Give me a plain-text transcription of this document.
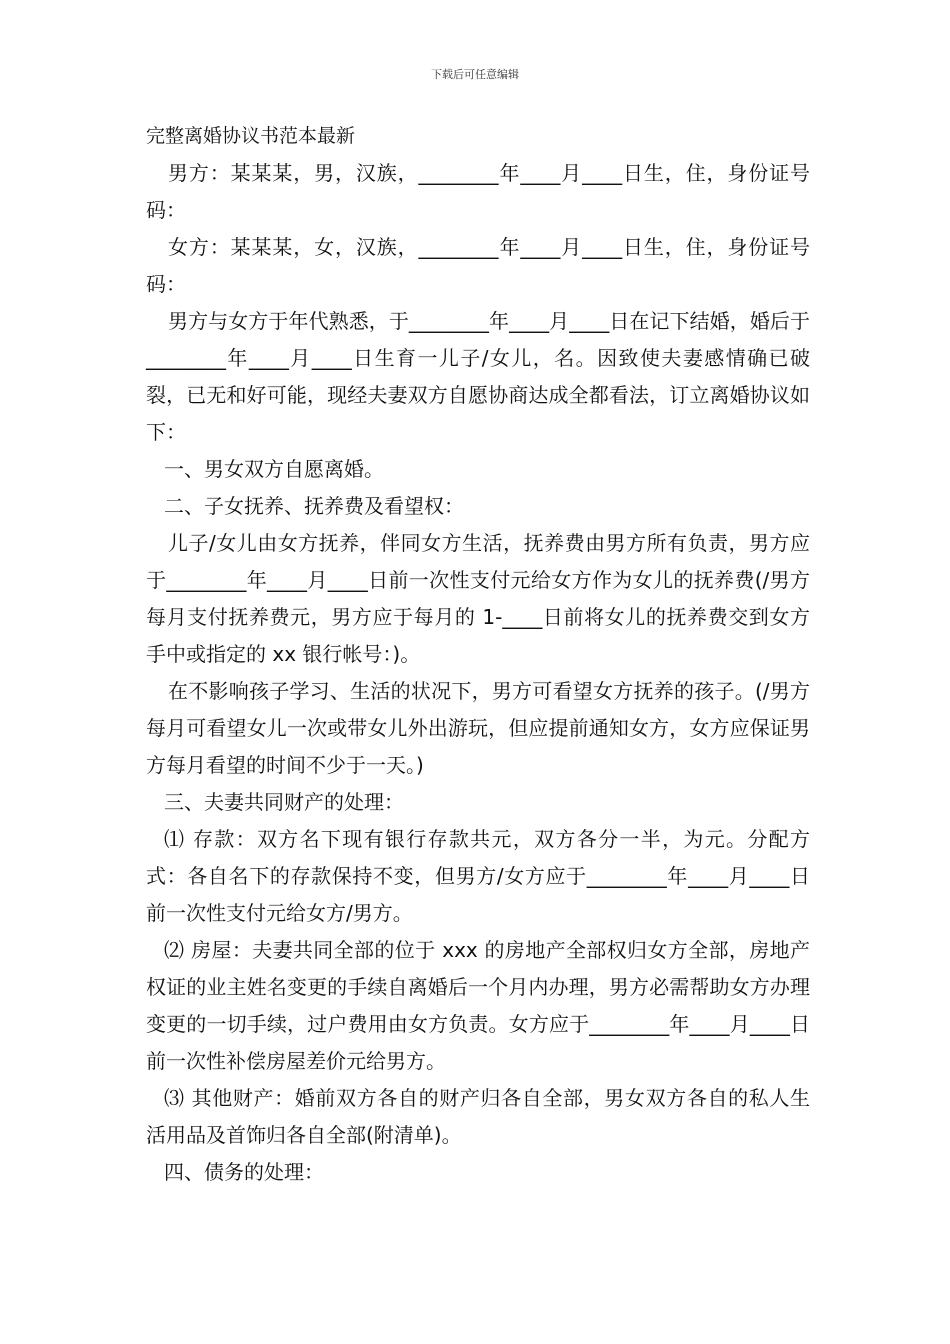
下载后可任意编辑

完整离婚协议书范本最新

男方：某某某，男，汉族，________年____月____日生，住，身份证号码：

女方：某某某，女，汉族，________年____月____日生，住，身份证号码：

男方与女方于年代熟悉，于________年____月____日在记下结婚，婚后于________年____月____日生育一儿子/女儿，名。因致使夫妻感情确已破裂，已无和好可能，现经夫妻双方自愿协商达成全都看法，订立离婚协议如下：

一、男女双方自愿离婚。

二、子女抚养、抚养费及看望权：

儿子/女儿由女方抚养，伴同女方生活，抚养费由男方所有负责，男方应于________年____月____日前一次性支付元给女方作为女儿的抚养费(/男方每月支付抚养费元，男方应于每月的 1-____日前将女儿的抚养费交到女方手中或指定的 xx 银行帐号：)。

在不影响孩子学习、生活的状况下，男方可看望女方抚养的孩子。(/男方每月可看望女儿一次或带女儿外出游玩，但应提前通知女方，女方应保证男方每月看望的时间不少于一天。)

三、夫妻共同财产的处理：

⑴ 存款：双方名下现有银行存款共元，双方各分一半，为元。分配方式：各自名下的存款保持不变，但男方/女方应于________年____月____日前一次性支付元给女方/男方。

⑵ 房屋：夫妻共同全部的位于 xxx 的房地产全部权归女方全部，房地产权证的业主姓名变更的手续自离婚后一个月内办理，男方必需帮助女方办理变更的一切手续，过户费用由女方负责。女方应于________年____月____日前一次性补偿房屋差价元给男方。

⑶ 其他财产：婚前双方各自的财产归各自全部，男女双方各自的私人生活用品及首饰归各自全部(附清单)。

四、债务的处理：
